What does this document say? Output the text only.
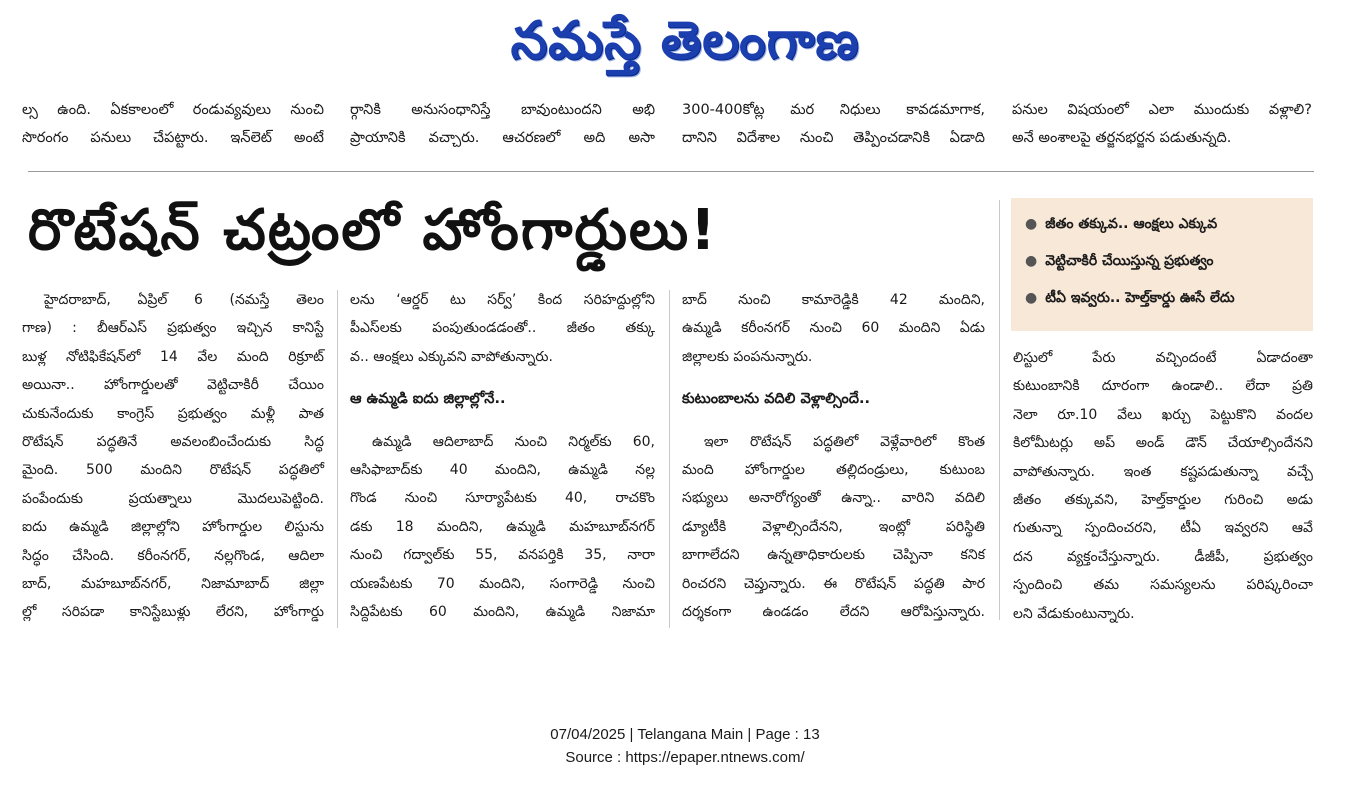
నమస్తే తెలంగాణ

ల్స ఉంది. ఏకకాలంలో రండువ్యవులు నుంచి

సొరంగం పనులు చేపట్టారు. ఇన్‌లెట్ అంటే

ర్గానికి అనుసంధానిస్తే బావుంటుందని అభి

ప్రాయానికి వచ్చారు. ఆచరణలో అది అసా

300-400కోట్ల మర నిధులు కావడమాగాక,

దానిని విదేశాల నుంచి తెప్పించడానికి ఏడాది

పనుల విషయంలో ఎలా ముందుకు వళ్లాలి?

అనే అంశాలపై తర్జనభర్జన పడుతున్నది.

రొటేషన్ చట్రంలో హోంగార్డులు!	● జీతం తక్కువ.. ఆంక్షలు ఎక్కువ
● వెట్టిచాకిరీ చేయిస్తున్న ప్రభుత్వం
● టీఏ ఇవ్వరు.. హెల్త్‌కార్డు ఊసే లేదు

హైదరాబాద్, ఏప్రిల్ 6 (నమస్తే తెలం

గాణ) : బీఆర్ఎస్ ప్రభుత్వం ఇచ్చిన కానిస్టే

బుళ్ల నోటిఫికేషన్‌లో 14 వేల మంది రిక్రూట్

అయినా.. హోంగార్డులతో వెట్టిచాకిరీ చేయిం

చుకునేందుకు కాంగ్రెస్ ప్రభుత్వం మళ్లీ పాత

రొటేషన్ పద్ధతినే అవలంబించేందుకు సిద్ధ

మైంది. 500 మందిని రొటేషన్ పద్ధతిలో

పంపేందుకు ప్రయత్నాలు మొదలుపెట్టింది.

ఐదు ఉమ్మడి జిల్లాల్లోని హోంగార్డుల లిస్టును

సిద్ధం చేసింది. కరీంనగర్, నల్లగొండ, ఆదిలా

బాద్, మహబూబ్‌నగర్, నిజామాబాద్ జిల్లా

ల్లో సరిపడా కానిస్టేబుళ్లు లేరని, హోంగార్డు

లను ‘ఆర్డర్ టు సర్వ్’ కింద సరిహద్దుల్లోని

పీఎస్‌లకు పంపుతుండడంతో.. జీతం తక్కు

వ.. ఆంక్షలు ఎక్కువని వాపోతున్నారు.

ఆ ఉమ్మడి ఐదు జిల్లాల్లోనే..

ఉమ్మడి ఆదిలాబాద్ నుంచి నిర్మల్‌కు 60,

ఆసిఫాబాద్‌కు 40 మందిని, ఉమ్మడి నల్ల

గొండ నుంచి సూర్యాపేటకు 40, రాచకొం

డకు 18 మందిని, ఉమ్మడి మహబూబ్‌నగర్

నుంచి గద్వాల్‌కు 55, వనపర్తికి 35, నారా

యణపేటకు 70 మందిని, సంగారెడ్డి నుంచి

సిద్దిపేటకు 60 మందిని, ఉమ్మడి నిజామా

బాద్ నుంచి కామారెడ్డికి 42 మందిని,

ఉమ్మడి కరీంనగర్ నుంచి 60 మందిని ఏడు

జిల్లాలకు పంపనున్నారు.

కుటుంబాలను వదిలి వెళ్లాల్సిందే..

ఇలా రొటేషన్ పద్ధతిలో వెళ్లేవారిలో కొంత

మంది హోంగార్డుల తల్లిదండ్రులు, కుటుంబ

సభ్యులు అనారోగ్యంతో ఉన్నా.. వారిని వదిలి

డ్యూటీకి వెళ్లాల్సిందేనని, ఇంట్లో పరిస్థితి

బాగాలేదని ఉన్నతాధికారులకు చెప్పినా కనిక

రించరని చెప్తున్నారు. ఈ రొటేషన్ పద్ధతి పార

దర్శకంగా ఉండడం లేదని ఆరోపిస్తున్నారు.

లిస్టులో పేరు వచ్చిందంటే ఏడాదంతా

కుటుంబానికి దూరంగా ఉండాలి.. లేదా ప్రతి

నెలా రూ.10 వేలు ఖర్చు పెట్టుకొని వందల

కిలోమీటర్లు అప్ అండ్ డౌన్ చేయాల్సిందేనని

వాపోతున్నారు. ఇంత కష్టపడుతున్నా వచ్చే

జీతం తక్కువని, హెల్త్‌కార్డుల గురించి అడు

గుతున్నా స్పందించరని, టీఏ ఇవ్వరని ఆవే

దన వ్యక్తంచేస్తున్నారు. డీజీపీ, ప్రభుత్వం

స్పందించి తమ సమస్యలను పరిష్కరించా

లని వేడుకుంటున్నారు.

07/04/2025 | Telangana Main | Page : 13
Source : https://epaper.ntnews.com/
